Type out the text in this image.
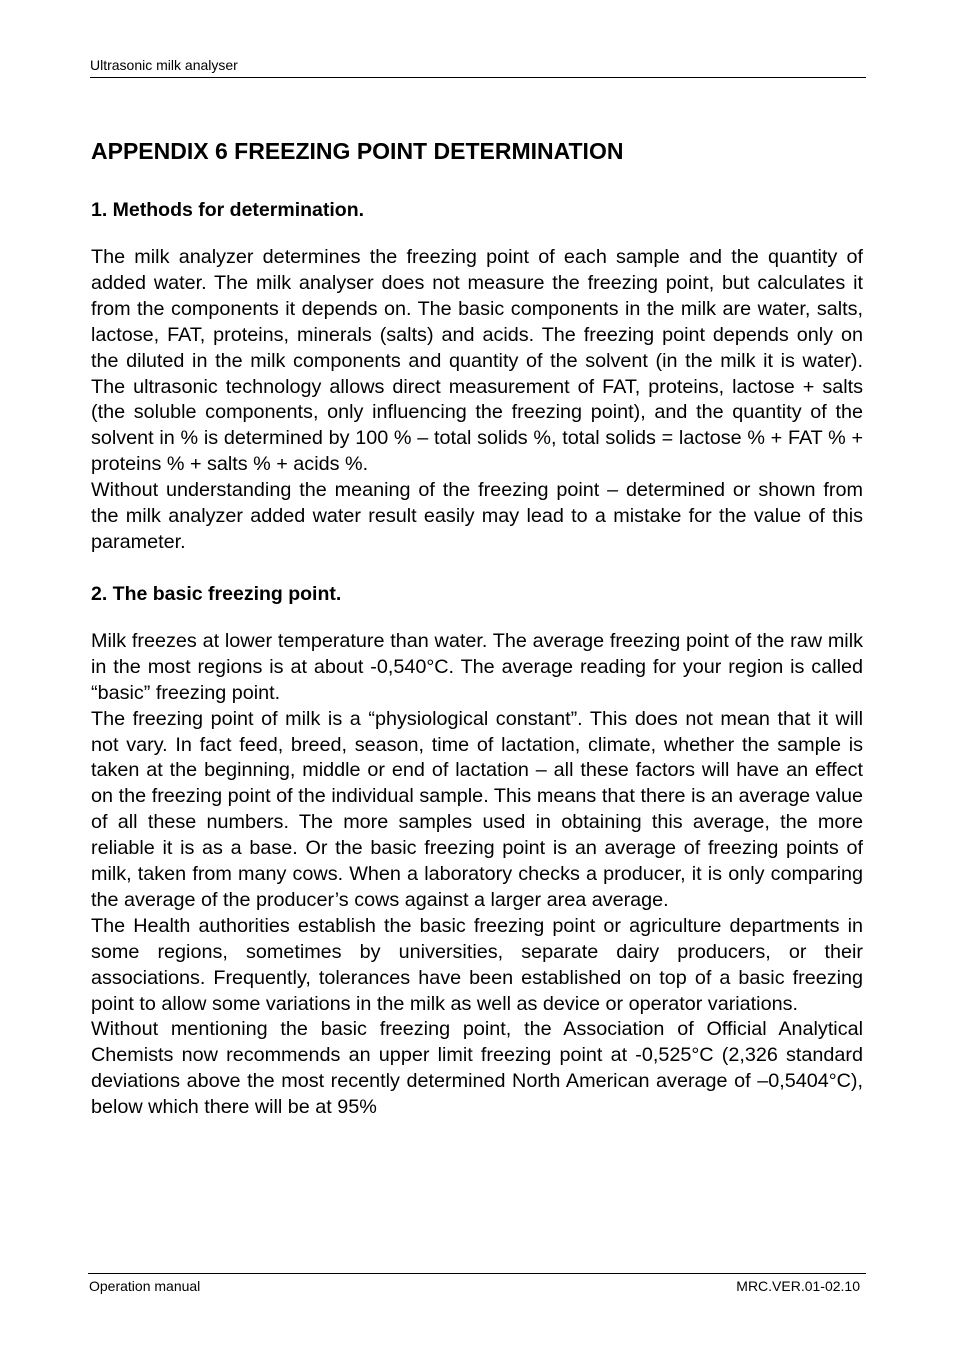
Ultrasonic milk analyser
APPENDIX 6 FREEZING POINT DETERMINATION
1. Methods for determination.

The milk analyzer determines the freezing point of each sample and the quantity of added water. The milk analyser does not measure the freezing point, but calculates it from the components it depends on. The basic components in the milk are water, salts, lactose, FAT, proteins, minerals (salts) and acids. The freezing point depends only on the diluted in the milk components and quantity of the solvent (in the milk it is water). The ultrasonic technology allows direct measurement of FAT, proteins, lactose + salts (the soluble components, only influencing the freezing point), and the quantity of the solvent in % is determined by 100 % – total solids %, total solids = lactose % + FAT % + proteins % + salts % + acids %.

Without understanding the meaning of the freezing point – determined or shown from the milk analyzer added water result easily may lead to a mistake for the value of this parameter.

2. The basic freezing point.

Milk freezes at lower temperature than water. The average freezing point of the raw milk in the most regions is at about -0,540°C. The average reading for your region is called “basic” freezing point.

The freezing point of milk is a “physiological constant”. This does not mean that it will not vary. In fact feed, breed, season, time of lactation, climate, whether the sample is taken at the beginning, middle or end of lactation – all these factors will have an effect on the freezing point of the individual sample. This means that there is an average value of all these numbers. The more samples used in obtaining this average, the more reliable it is as a base. Or the basic freezing point is an average of freezing points of milk, taken from many cows. When a laboratory checks a producer, it is only comparing the average of the producer’s cows against a larger area average.

The Health authorities establish the basic freezing point or agriculture departments in some regions, sometimes by universities, separate dairy producers, or their associations. Frequently, tolerances have been established on top of a basic freezing point to allow some variations in the milk as well as device or operator variations.

Without mentioning the basic freezing point, the Association of Official Analytical Chemists now recommends an upper limit freezing point at -0,525°C (2,326 standard deviations above the most recently determined North American average of –0,5404°C), below which there will be at 95%

Operation manual	MRC.VER.01-02.10
